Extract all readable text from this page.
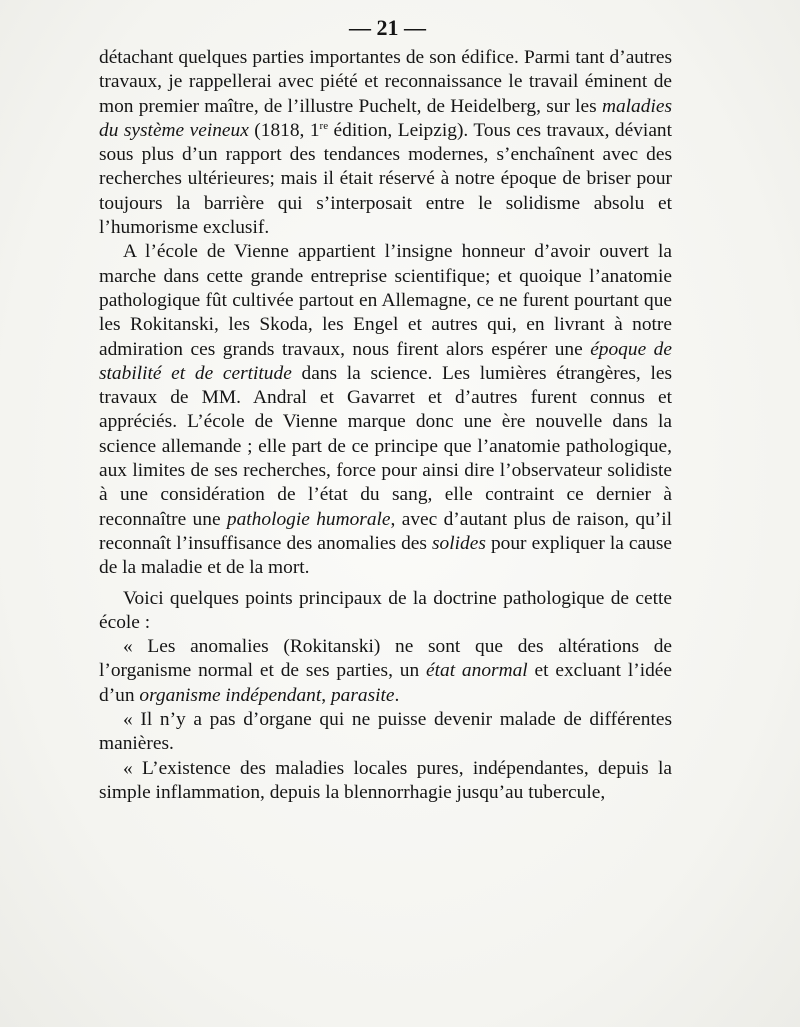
— 21 —

détachant quelques parties importantes de son édifice. Parmi tant d’autres travaux, je rappellerai avec piété et reconnaissance le travail éminent de mon premier maître, de l’illustre Puchelt, de Heidelberg, sur les maladies du système veineux (1818, 1re édition, Leipzig). Tous ces travaux, déviant sous plus d’un rapport des tendances modernes, s’enchaînent avec des recherches ultérieures; mais il était réservé à notre époque de briser pour toujours la barrière qui s’interposait entre le solidisme absolu et l’humorisme exclusif.

A l’école de Vienne appartient l’insigne honneur d’avoir ouvert la marche dans cette grande entreprise scientifique; et quoique l’anatomie pathologique fût cultivée partout en Allemagne, ce ne furent pourtant que les Rokitanski, les Skoda, les Engel et autres qui, en livrant à notre admiration ces grands travaux, nous firent alors espérer une époque de stabilité et de certitude dans la science. Les lumières étrangères, les travaux de MM. Andral et Gavarret et d’autres furent connus et appréciés. L’école de Vienne marque donc une ère nouvelle dans la science allemande ; elle part de ce principe que l’anatomie pathologique, aux limites de ses recherches, force pour ainsi dire l’observateur solidiste à une considération de l’état du sang, elle contraint ce dernier à reconnaître une pathologie humorale, avec d’autant plus de raison, qu’il reconnaît l’insuffisance des anomalies des solides pour expliquer la cause de la maladie et de la mort.

Voici quelques points principaux de la doctrine pathologique de cette école :

« Les anomalies (Rokitanski) ne sont que des altérations de l’organisme normal et de ses parties, un état anormal et excluant l’idée d’un organisme indépendant, parasite.

« Il n’y a pas d’organe qui ne puisse devenir malade de différentes manières.

« L’existence des maladies locales pures, indépendantes, depuis la simple inflammation, depuis la blennorrhagie jusqu’au tubercule,
